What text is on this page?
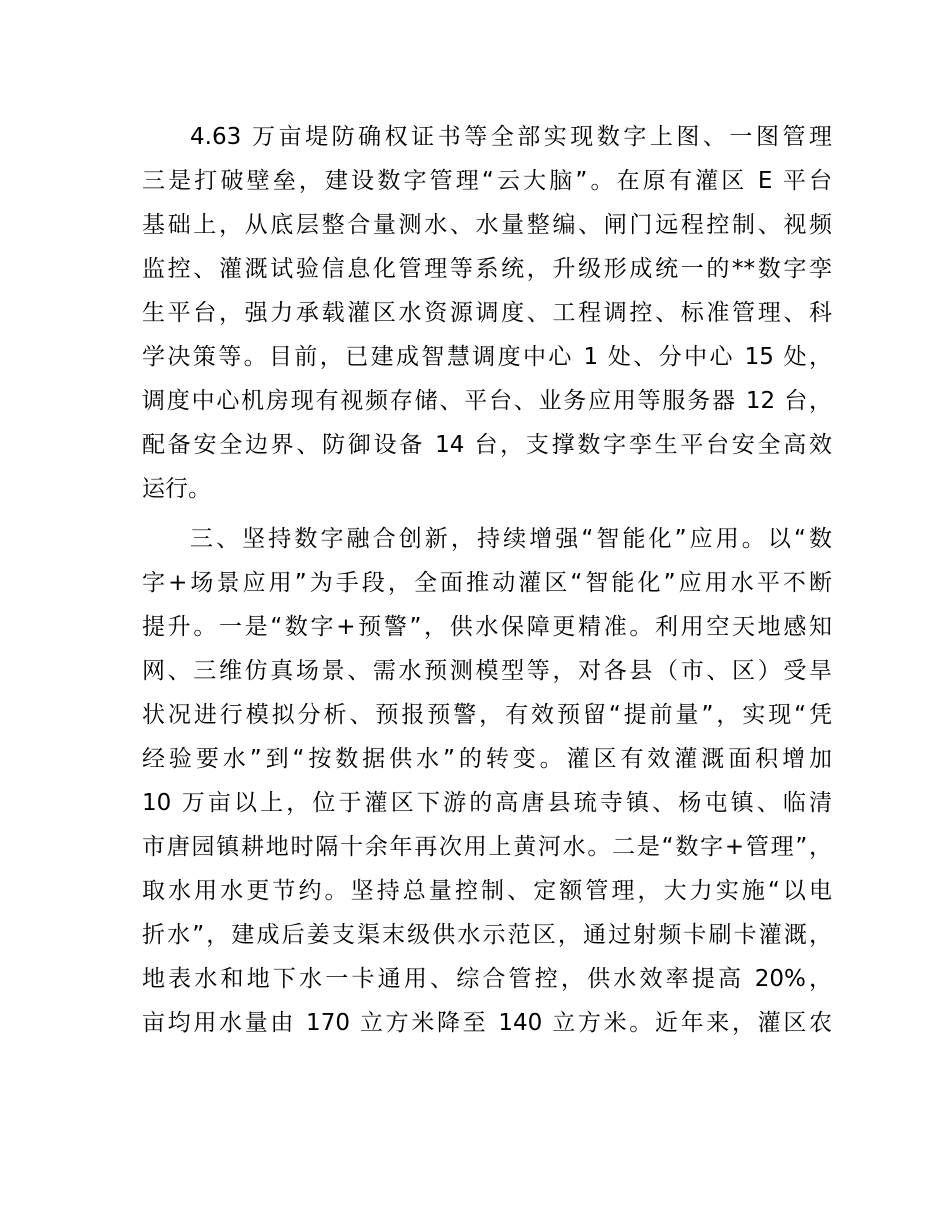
4.63 万亩堤防确权证书等全部实现数字上图、一图管理
三是打破壁垒，建设数字管理“云大脑”。在原有灌区 E 平台
基础上，从底层整合量测水、水量整编、闸门远程控制、视频
监控、灌溉试验信息化管理等系统，升级形成统一的**数字孪
生平台，强力承载灌区水资源调度、工程调控、标准管理、科
学决策等。目前，已建成智慧调度中心 1 处、分中心 15 处，
调度中心机房现有视频存储、平台、业务应用等服务器 12 台，
配备安全边界、防御设备 14 台，支撑数字孪生平台安全高效
运行。
三、坚持数字融合创新，持续增强“智能化”应用。以“数
字+场景应用”为手段，全面推动灌区“智能化”应用水平不断
提升。一是“数字+预警”，供水保障更精准。利用空天地感知
网、三维仿真场景、需水预测模型等，对各县（市、区）受旱
状况进行模拟分析、预报预警，有效预留“提前量”，实现“凭
经验要水”到“按数据供水”的转变。灌区有效灌溉面积增加
10 万亩以上，位于灌区下游的高唐县琉寺镇、杨屯镇、临清
市唐园镇耕地时隔十余年再次用上黄河水。二是“数字+管理”，
取水用水更节约。坚持总量控制、定额管理，大力实施“以电
折水”，建成后姜支渠末级供水示范区，通过射频卡刷卡灌溉，
地表水和地下水一卡通用、综合管控，供水效率提高 20%，
亩均用水量由 170 立方米降至 140 立方米。近年来，灌区农
